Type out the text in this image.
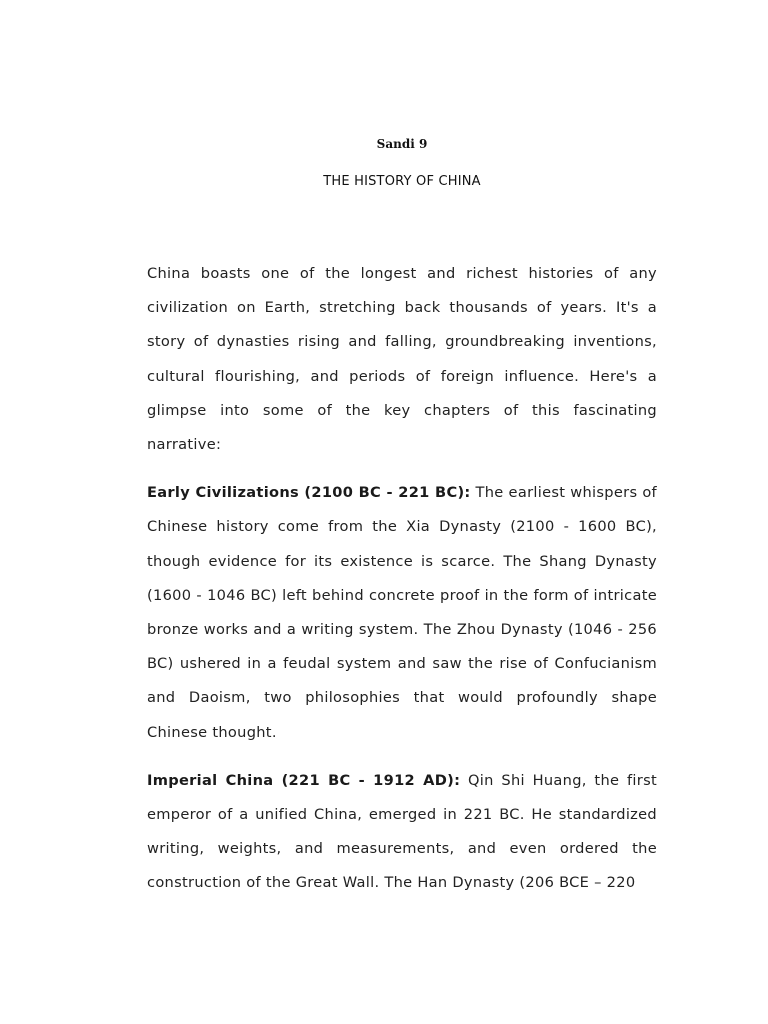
Sandi 9
THE HISTORY OF CHINA

China boasts one of the longest and richest histories of any civilization on Earth, stretching back thousands of years. It's a story of dynasties rising and falling, groundbreaking inventions, cultural flourishing, and periods of foreign influence. Here's a glimpse into some of the key chapters of this fascinating narrative:

Early Civilizations (2100 BC - 221 BC): The earliest whispers of Chinese history come from the Xia Dynasty (2100 - 1600 BC), though evidence for its existence is scarce. The Shang Dynasty (1600 - 1046 BC) left behind concrete proof in the form of intricate bronze works and a writing system. The Zhou Dynasty (1046 - 256 BC) ushered in a feudal system and saw the rise of Confucianism and Daoism, two philosophies that would profoundly shape Chinese thought.

Imperial China (221 BC - 1912 AD): Qin Shi Huang, the first emperor of a unified China, emerged in 221 BC. He standardized writing, weights, and measurements, and even ordered the construction of the Great Wall. The Han Dynasty (206 BCE – 220
